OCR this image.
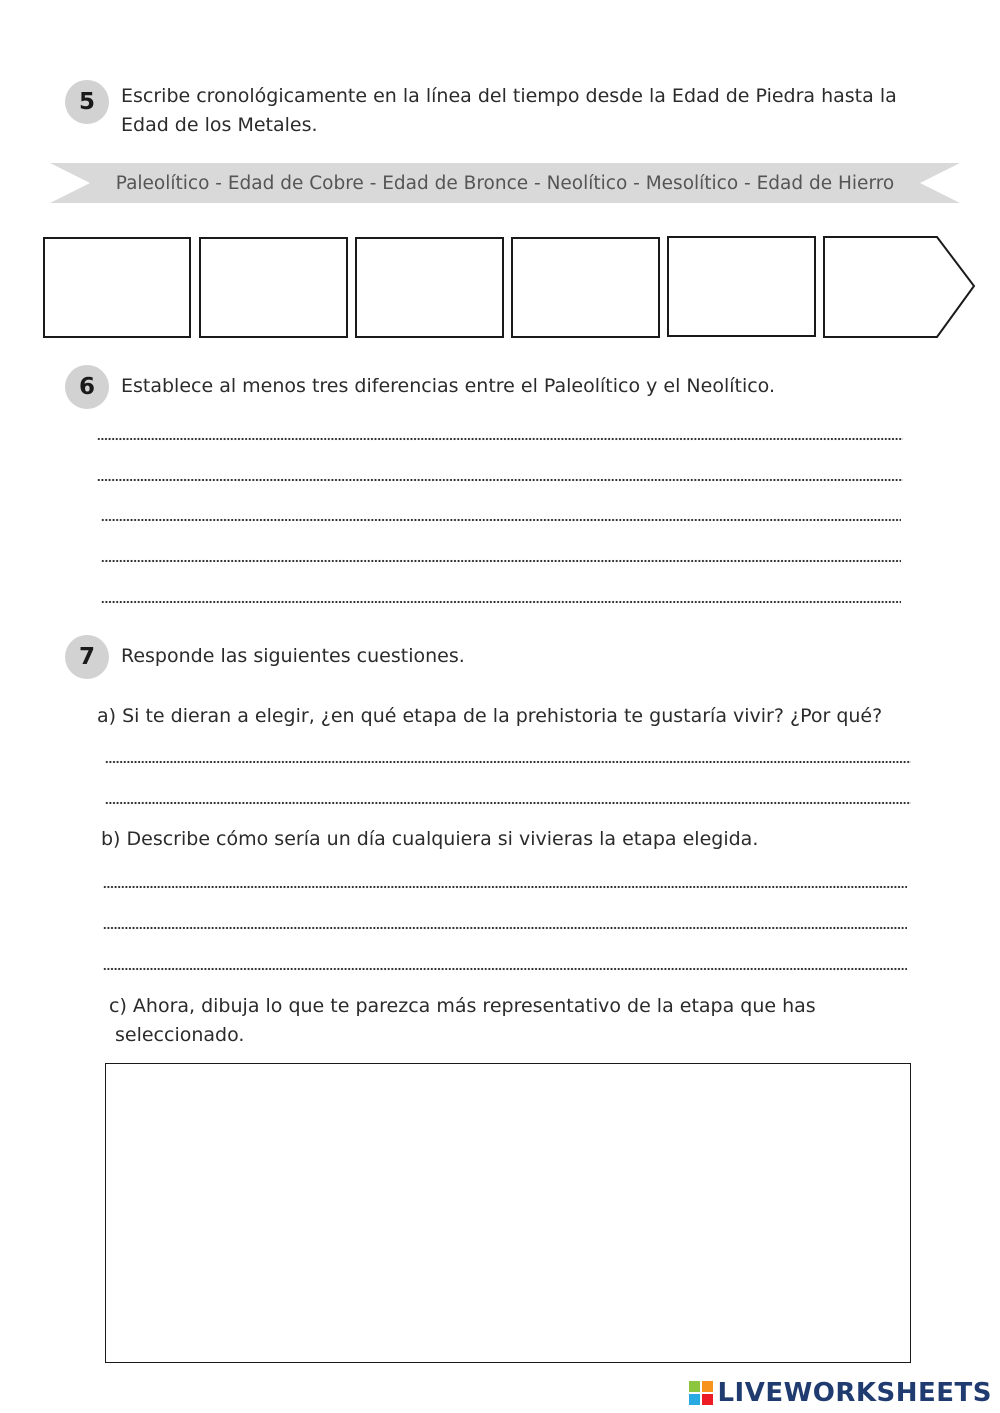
5	Escribe cronológicamente en la línea del tiempo desde la Edad de Piedra hasta la
Edad de los Metales.
Paleolítico - Edad de Cobre - Edad de Bronce - Neolítico - Mesolítico - Edad de Hierro
6	Establece al menos tres diferencias entre el Paleolítico y el Neolítico.
7	Responde las siguientes cuestiones.
a) Si te dieran a elegir, ¿en qué etapa de la prehistoria te gustaría vivir? ¿Por qué?
b) Describe cómo sería un día cualquiera si vivieras la etapa elegida.
c) Ahora, dibuja lo que te parezca más representativo de la etapa que has
seleccionado.
LIVEWORKSHEETS
